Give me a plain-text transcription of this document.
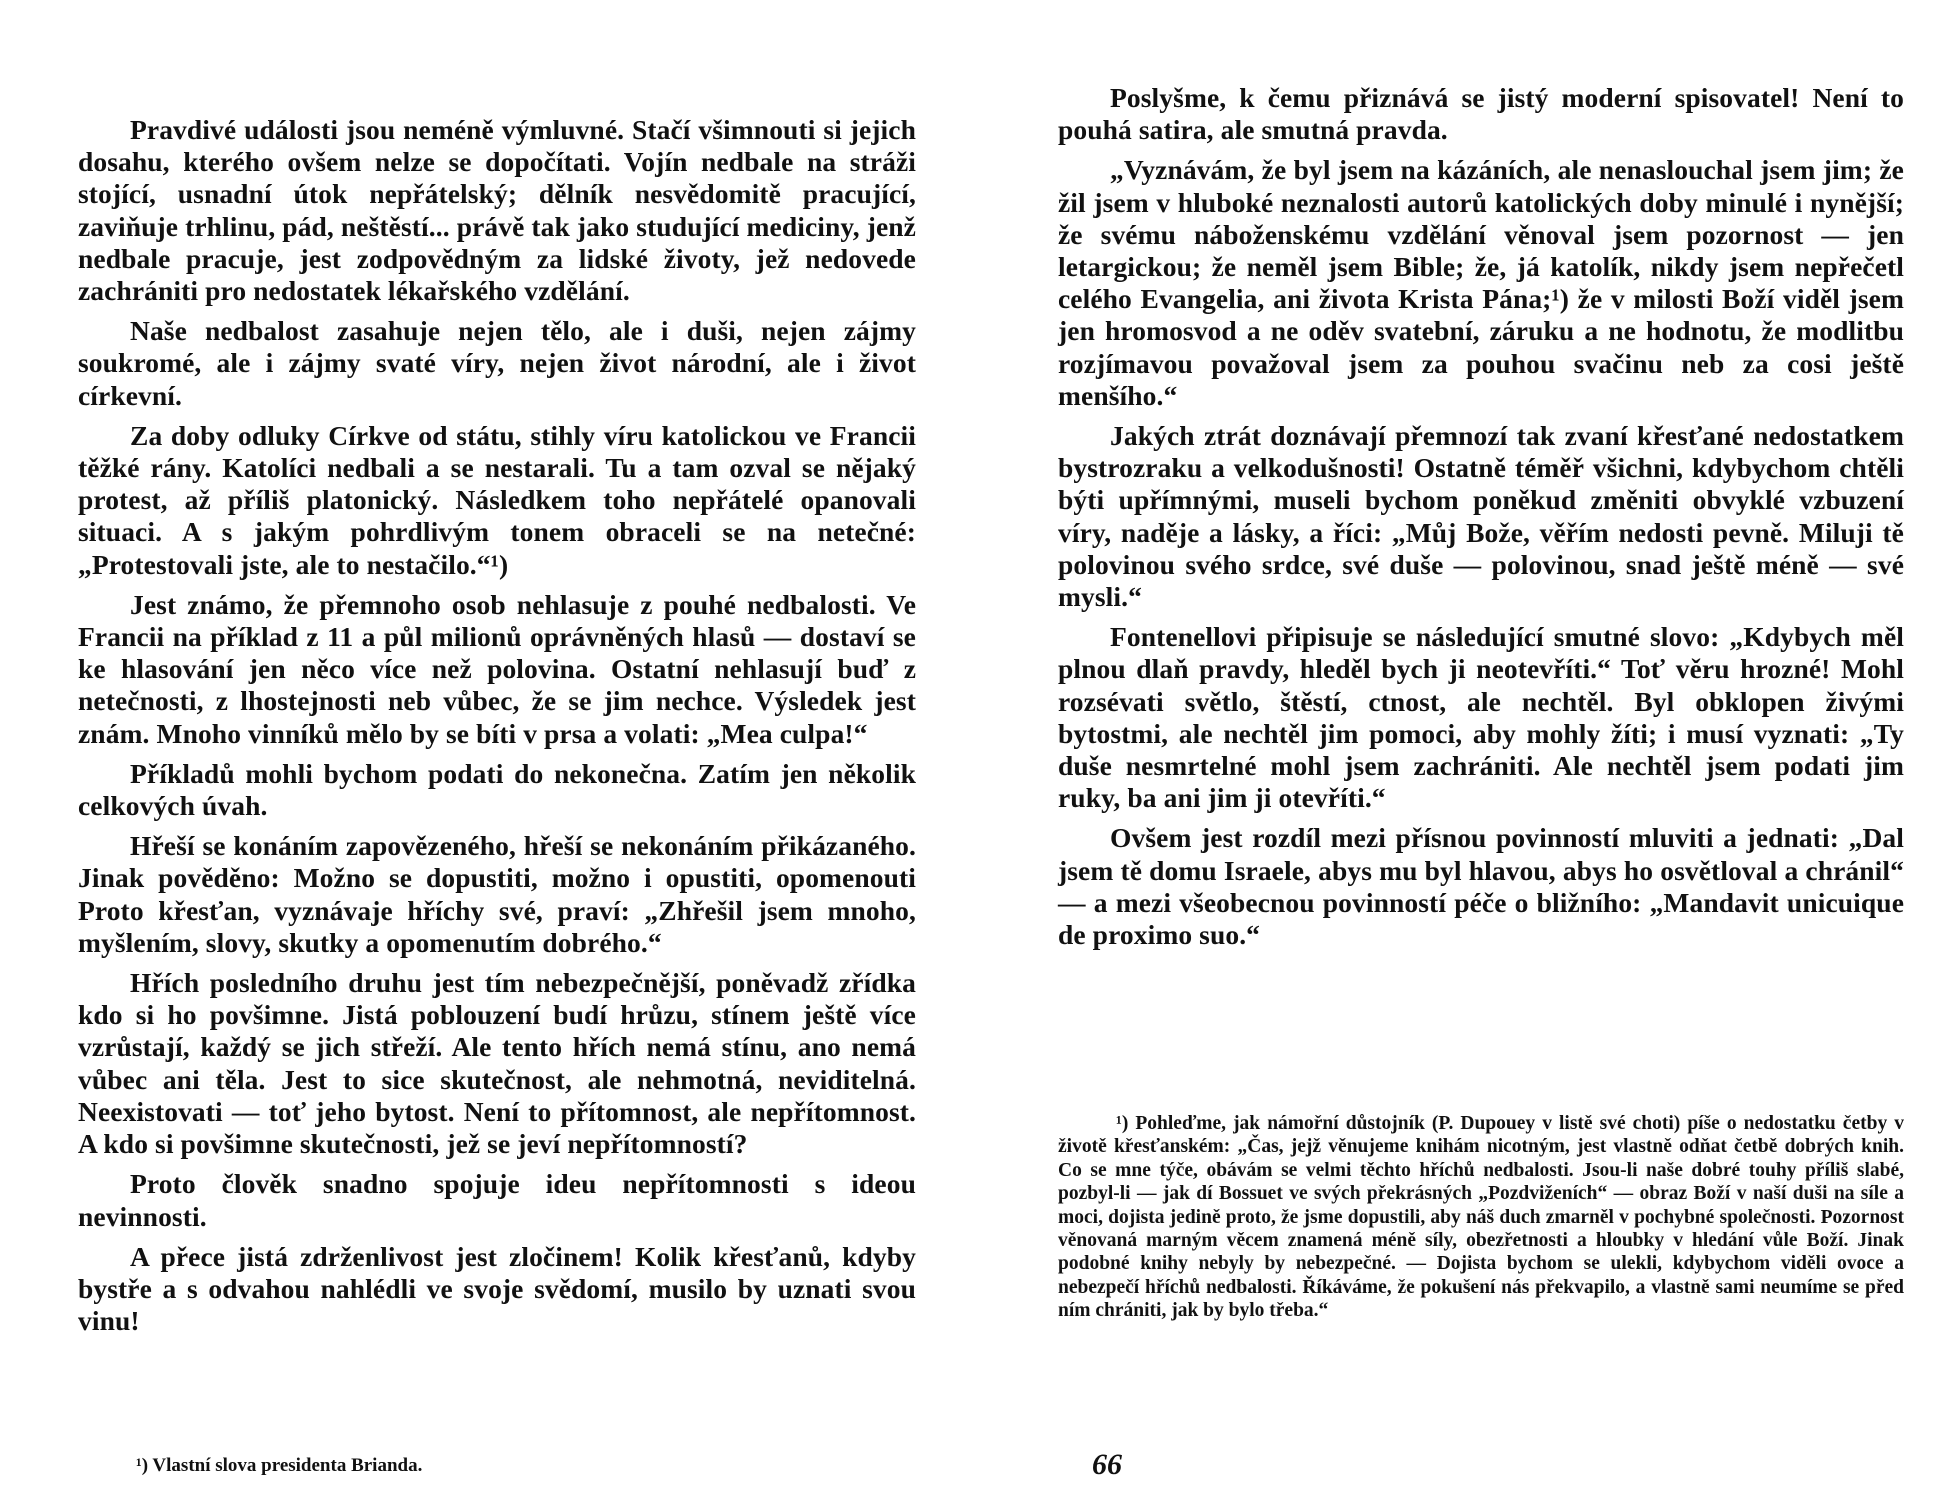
Pravdivé události jsou neméně výmluvné. Stačí všimnouti si jejich dosahu, kterého ovšem nelze se dopočítati. Vojín nedbale na stráži stojící, usnadní útok nepřátelský; dělník nesvědomitě pracující, zaviňuje trhlinu, pád, neštěstí... právě tak jako studující mediciny, jenž nedbale pracuje, jest zodpovědným za lidské životy, jež nedovede zachrániti pro nedostatek lékařského vzdělání.

Naše nedbalost zasahuje nejen tělo, ale i duši, nejen zájmy soukromé, ale i zájmy svaté víry, nejen život národní, ale i život církevní.

Za doby odluky Církve od státu, stihly víru katolickou ve Francii těžké rány. Katolíci nedbali a se nestarali. Tu a tam ozval se nějaký protest, až příliš platonický. Následkem toho nepřátelé opanovali situaci. A s jakým pohrdlivým tonem obraceli se na netečné: „Protestovali jste, ale to nestačilo.“¹)

Jest známo, že přemnoho osob nehlasuje z pouhé nedbalosti. Ve Francii na příklad z 11 a půl milionů oprávněných hlasů — dostaví se ke hlasování jen něco více než polovina. Ostatní nehlasují buď z netečnosti, z lhostejnosti neb vůbec, že se jim nechce. Výsledek jest znám. Mnoho vinníků mělo by se bíti v prsa a volati: „Mea culpa!“

Příkladů mohli bychom podati do nekonečna. Zatím jen několik celkových úvah.

Hřeší se konáním zapovězeného, hřeší se nekonáním přikázaného. Jinak pověděno: Možno se dopustiti, možno i opustiti, opomenouti Proto křesťan, vyznávaje hříchy své, praví: „Zhřešil jsem mnoho, myšlením, slovy, skutky a opomenutím dobrého.“

Hřích posledního druhu jest tím nebezpečnější, poněvadž zřídka kdo si ho povšimne. Jistá poblouzení budí hrůzu, stínem ještě více vzrůstají, každý se jich střeží. Ale tento hřích nemá stínu, ano nemá vůbec ani těla. Jest to sice skutečnost, ale nehmotná, neviditelná. Neexistovati — toť jeho bytost. Není to přítomnost, ale nepřítomnost. A kdo si povšimne skutečnosti, jež se jeví nepřítomností?

Proto člověk snadno spojuje ideu nepřítomnosti s ideou nevinnosti.

A přece jistá zdrženlivost jest zločinem! Kolik křesťanů, kdyby bystře a s odvahou nahlédli ve svoje svědomí, musilo by uznati svou vinu!

¹) Vlastní slova presidenta Brianda.

Poslyšme, k čemu přiznává se jistý moderní spisovatel! Není to pouhá satira, ale smutná pravda.

„Vyznávám, že byl jsem na kázáních, ale nenaslouchal jsem jim; že žil jsem v hluboké neznalosti autorů katolických doby minulé i nynější; že svému náboženskému vzdělání věnoval jsem pozornost — jen letargickou; že neměl jsem Bible; že, já katolík, nikdy jsem nepřečetl celého Evangelia, ani života Krista Pána;¹) že v milosti Boží viděl jsem jen hromosvod a ne oděv svatební, záruku a ne hodnotu, že modlitbu rozjímavou považoval jsem za pouhou svačinu neb za cosi ještě menšího.“

Jakých ztrát doznávají přemnozí tak zvaní křesťané nedostatkem bystrozraku a velkodušnosti! Ostatně téměř všichni, kdybychom chtěli býti upřímnými, museli bychom poněkud změniti obvyklé vzbuzení víry, naděje a lásky, a říci: „Můj Bože, věřím nedosti pevně. Miluji tě polovinou svého srdce, své duše — polovinou, snad ještě méně — své mysli.“

Fontenellovi připisuje se následující smutné slovo: „Kdybych měl plnou dlaň pravdy, hleděl bych ji neotevříti.“ Toť věru hrozné! Mohl rozsévati světlo, štěstí, ctnost, ale nechtěl. Byl obklopen živými bytostmi, ale nechtěl jim pomoci, aby mohly žíti; i musí vyznati: „Ty duše nesmrtelné mohl jsem zachrániti. Ale nechtěl jsem podati jim ruky, ba ani jim ji otevříti.“

Ovšem jest rozdíl mezi přísnou povinností mluviti a jednati: „Dal jsem tě domu Israele, abys mu byl hlavou, abys ho osvětloval a chránil“ — a mezi všeobecnou povinností péče o bližního: „Mandavit unicuique de proximo suo.“

¹) Pohleďme, jak námořní důstojník (P. Dupouey v listě své choti) píše o nedostatku četby v životě křesťanském: „Čas, jejž věnujeme knihám nicotným, jest vlastně odňat četbě dobrých knih. Co se mne týče, obávám se velmi těchto hříchů nedbalosti. Jsou-li naše dobré touhy příliš slabé, pozbyl-li — jak dí Bossuet ve svých překrásných „Pozdviženích“ — obraz Boží v naší duši na síle a moci, dojista jedině proto, že jsme dopustili, aby náš duch zmarněl v pochybné společnosti. Pozornost věnovaná marným věcem znamená méně síly, obezřetnosti a hloubky v hledání vůle Boží. Jinak podobné knihy nebyly by nebezpečné. — Dojista bychom se ulekli, kdybychom viděli ovoce a nebezpečí hříchů nedbalosti. Říkáváme, že pokušení nás překvapilo, a vlastně sami neumíme se před ním chrániti, jak by bylo třeba.“

66
